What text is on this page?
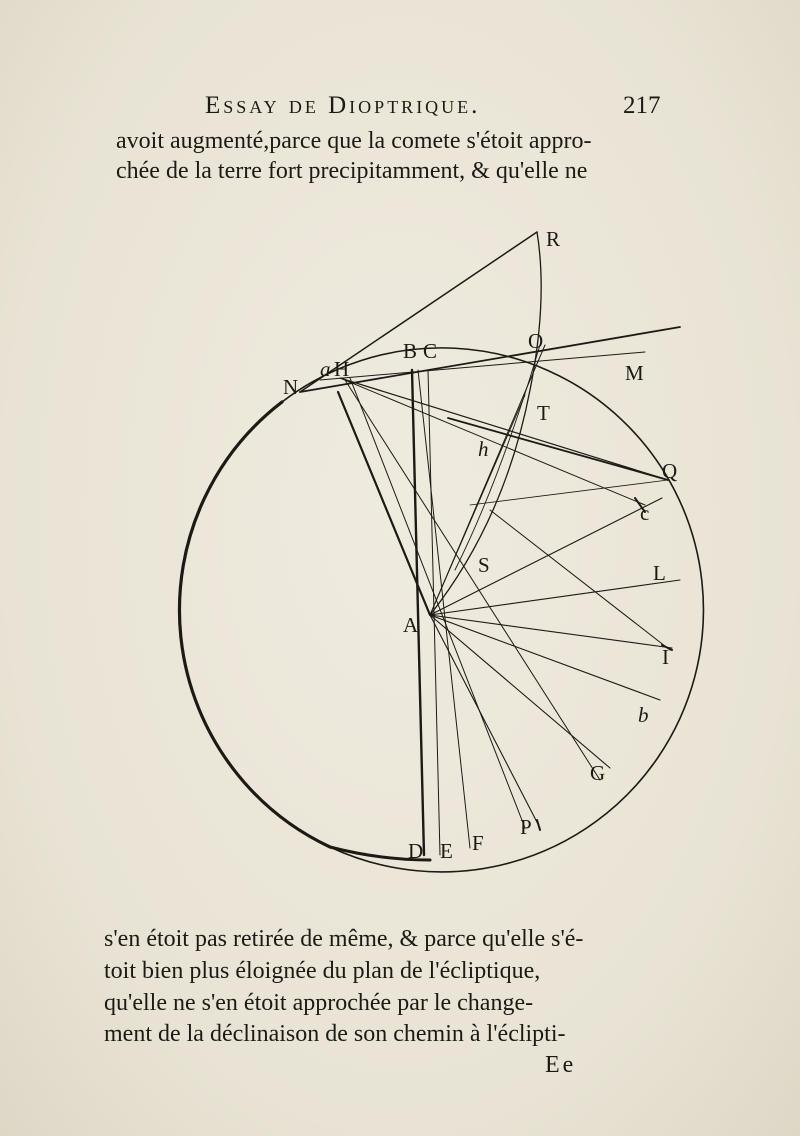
Essay de Dioptrique.	217
avoit augmenté,parce que la comete s'étoit appro-
chée de la terre fort precipitamment, & qu'elle ne
R
O
B C
a H
N
M
T
h
Q
c
S	L
A
I
b
G
P
D E F
s'en étoit pas retirée de même, & parce qu'elle s'é-
toit bien plus éloignée du plan de l'écliptique,
qu'elle ne s'en étoit approchée par le change-
ment de la déclinaison de son chemin à l'éclipti-
Ee
